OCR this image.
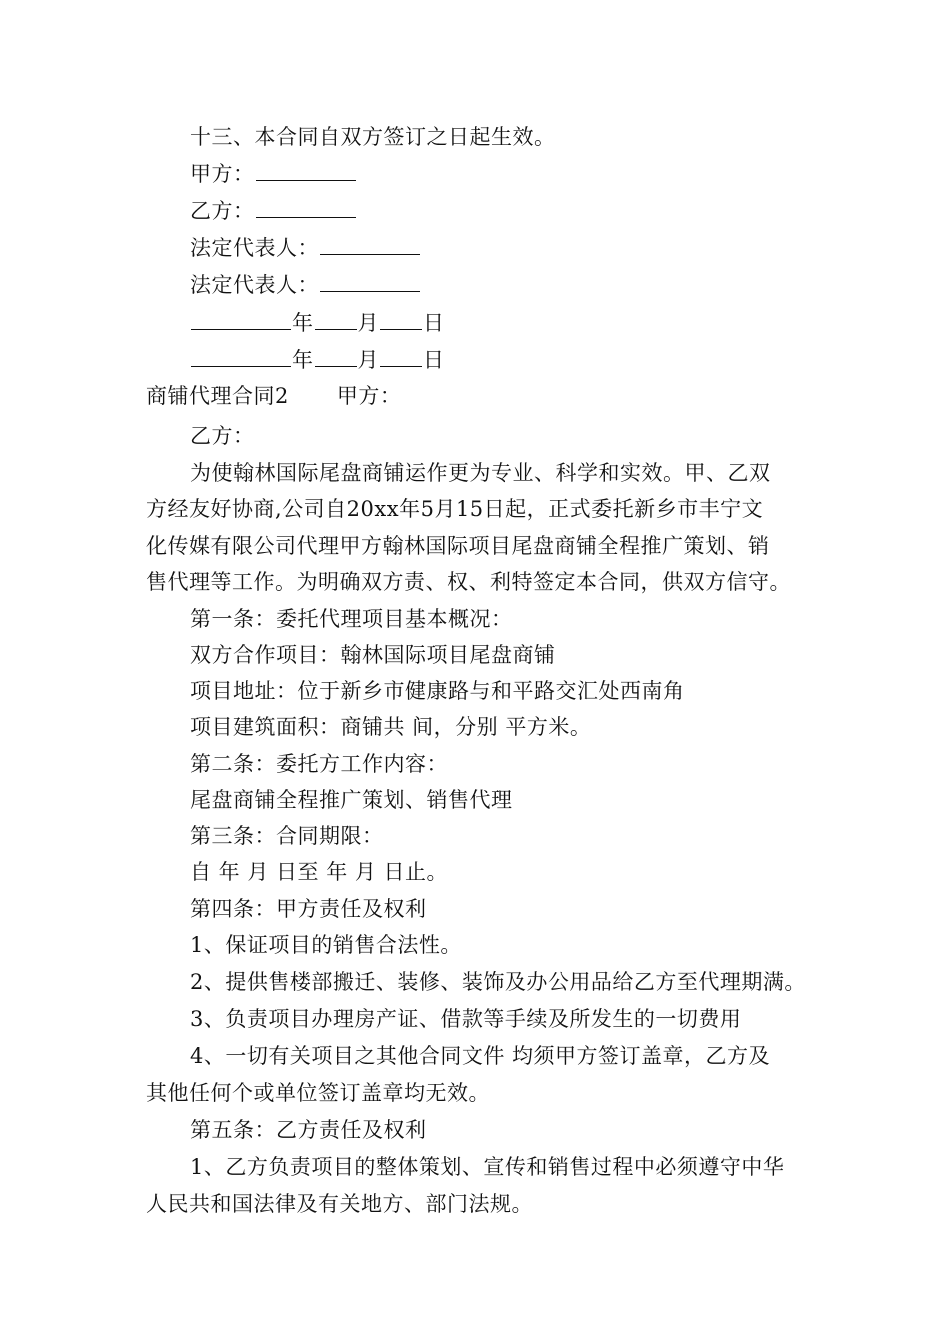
十三、本合同自双方签订之日起生效。
甲方：
乙方：
法定代表人：
法定代表人：
年 月 日
年 月 日
商铺代理合同2 甲方：
乙方：
为使翰林国际尾盘商铺运作更为专业、科学和实效。甲、乙双
方经友好协商,公司自20xx年5月15日起，正式委托新乡市丰宁文
化传媒有限公司代理甲方翰林国际项目尾盘商铺全程推广策划、销
售代理等工作。为明确双方责、权、利特签定本合同，供双方信守。
第一条：委托代理项目基本概况：
双方合作项目：翰林国际项目尾盘商铺
项目地址：位于新乡市健康路与和平路交汇处西南角
项目建筑面积：商铺共 间，分别 平方米。
第二条：委托方工作内容：
尾盘商铺全程推广策划、销售代理
第三条：合同期限：
自 年 月 日至 年 月 日止。
第四条：甲方责任及权利
1、保证项目的销售合法性。
2、提供售楼部搬迁、装修、装饰及办公用品给乙方至代理期满。
3、负责项目办理房产证、借款等手续及所发生的一切费用
4、一切有关项目之其他合同文件 均须甲方签订盖章，乙方及
其他任何个或单位签订盖章均无效。
第五条：乙方责任及权利
1、乙方负责项目的整体策划、宣传和销售过程中必须遵守中华
人民共和国法律及有关地方、部门法规。
